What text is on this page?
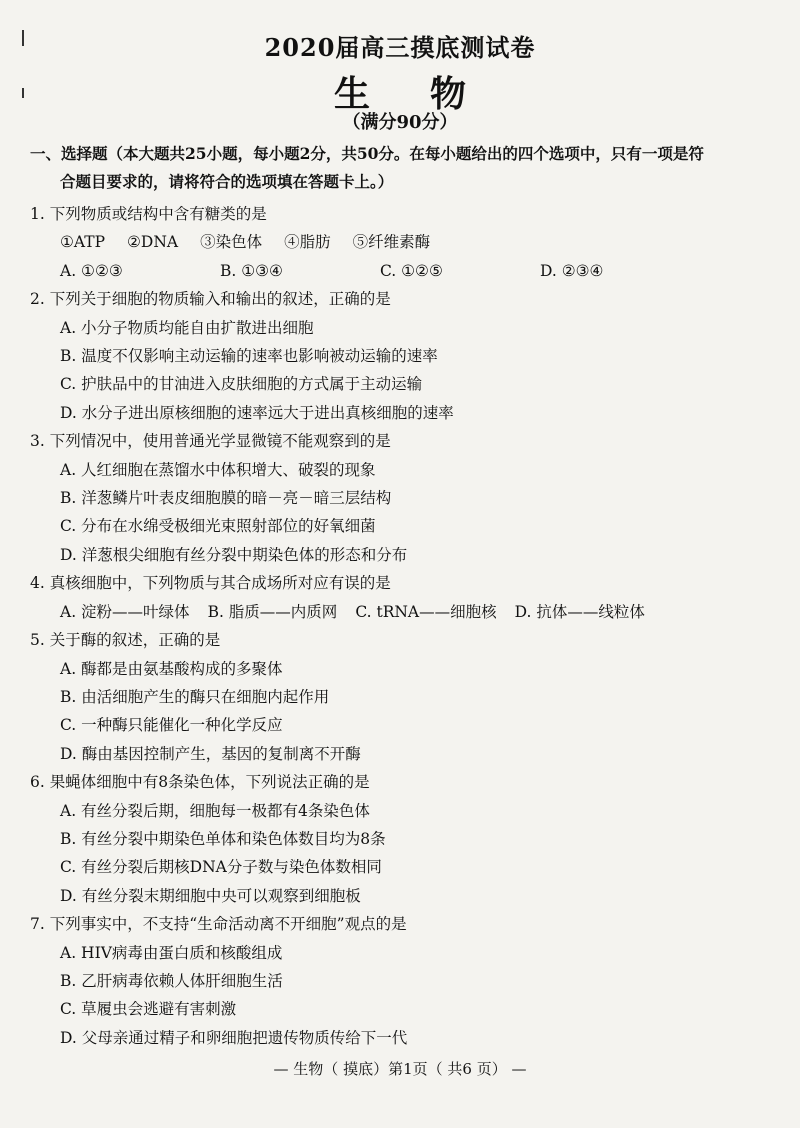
2020届高三摸底测试卷
生物
（满分90分）
一、选择题（本大题共25小题，每小题2分，共50分。在每小题给出的四个选项中，只有一项是符
合题目要求的，请将符合的选项填在答题卡上。）
1. 下列物质或结构中含有糖类的是
①ATP ②DNA ③染色体 ④脂肪 ⑤纤维素酶
A. ①②③	B. ①③④	C. ①②⑤	D. ②③④
2. 下列关于细胞的物质输入和输出的叙述，正确的是
A. 小分子物质均能自由扩散进出细胞
B. 温度不仅影响主动运输的速率也影响被动运输的速率
C. 护肤品中的甘油进入皮肤细胞的方式属于主动运输
D. 水分子进出原核细胞的速率远大于进出真核细胞的速率
3. 下列情况中，使用普通光学显微镜不能观察到的是
A. 人红细胞在蒸馏水中体积增大、破裂的现象
B. 洋葱鳞片叶表皮细胞膜的暗－亮－暗三层结构
C. 分布在水绵受极细光束照射部位的好氧细菌
D. 洋葱根尖细胞有丝分裂中期染色体的形态和分布
4. 真核细胞中，下列物质与其合成场所对应有误的是
A. 淀粉——叶绿体 B. 脂质——内质网 C. tRNA——细胞核 D. 抗体——线粒体
5. 关于酶的叙述，正确的是
A. 酶都是由氨基酸构成的多聚体
B. 由活细胞产生的酶只在细胞内起作用
C. 一种酶只能催化一种化学反应
D. 酶由基因控制产生，基因的复制离不开酶
6. 果蝇体细胞中有8条染色体，下列说法正确的是
A. 有丝分裂后期，细胞每一极都有4条染色体
B. 有丝分裂中期染色单体和染色体数目均为8条
C. 有丝分裂后期核DNA分子数与染色体数相同
D. 有丝分裂末期细胞中央可以观察到细胞板
7. 下列事实中，不支持“生命活动离不开细胞”观点的是
A. HIV病毒由蛋白质和核酸组成
B. 乙肝病毒依赖人体肝细胞生活
C. 草履虫会逃避有害刺激
D. 父母亲通过精子和卵细胞把遗传物质传给下一代
— 生物（ 摸底）第1页（ 共6 页） —
